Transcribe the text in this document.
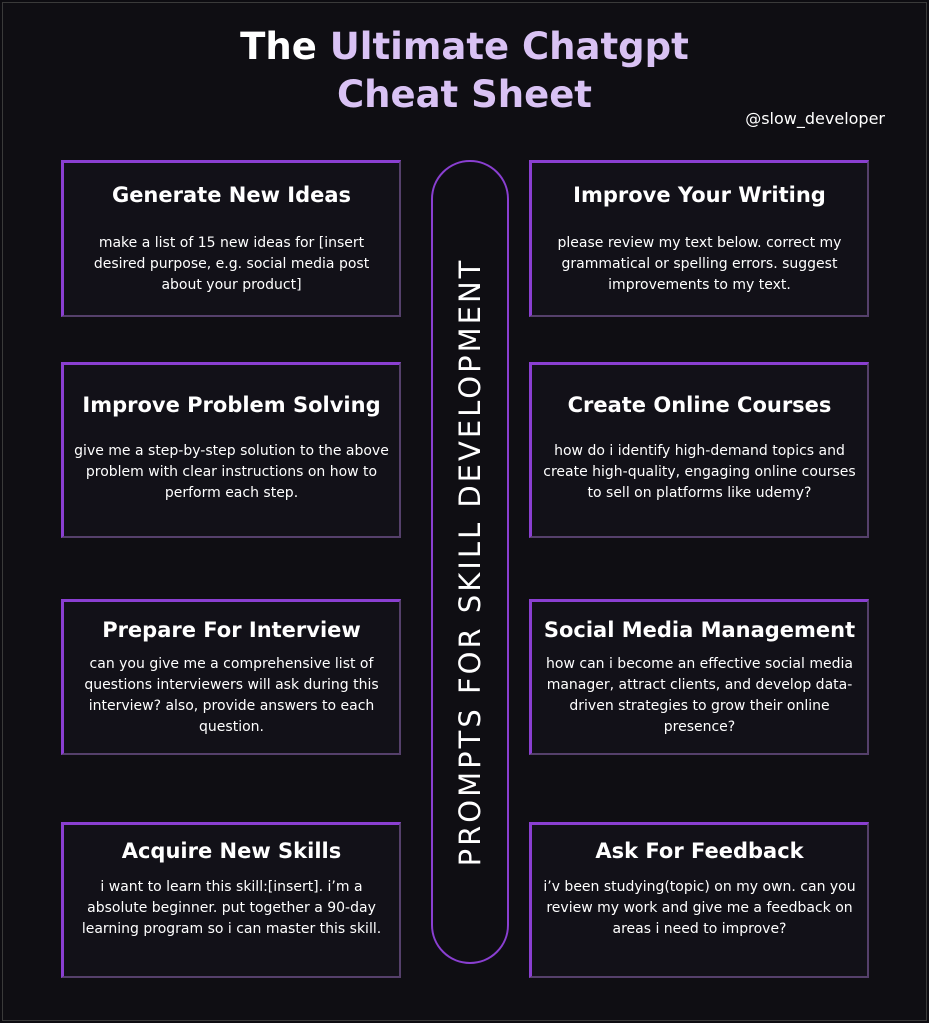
The Ultimate Chatgpt
Cheat Sheet
@slow_developer
Generate New Ideas

make a list of 15 new ideas for [insert desired purpose, e.g. social media post about your product]

Improve Your Writing

please review my text below. correct my grammatical or spelling errors. suggest improvements to my text.

Improve Problem Solving

give me a step-by-step solution to the above problem with clear instructions on how to perform each step.

Create Online Courses

how do i identify high-demand topics and create high-quality, engaging online courses to sell on platforms like udemy?

Prepare For Interview

can you give me a comprehensive list of questions interviewers will ask during this interview? also, provide answers to each question.

Social Media Management

how can i become an effective social media manager, attract clients, and develop data-driven strategies to grow their online presence?

Acquire New Skills

i want to learn this skill:[insert]. i’m a absolute beginner. put together a 90-day learning program so i can master this skill.

Ask For Feedback

i’v been studying(topic) on my own. can you review my work and give me a feedback on areas i need to improve?

PROMPTS FOR SKILL DEVELOPMENT
